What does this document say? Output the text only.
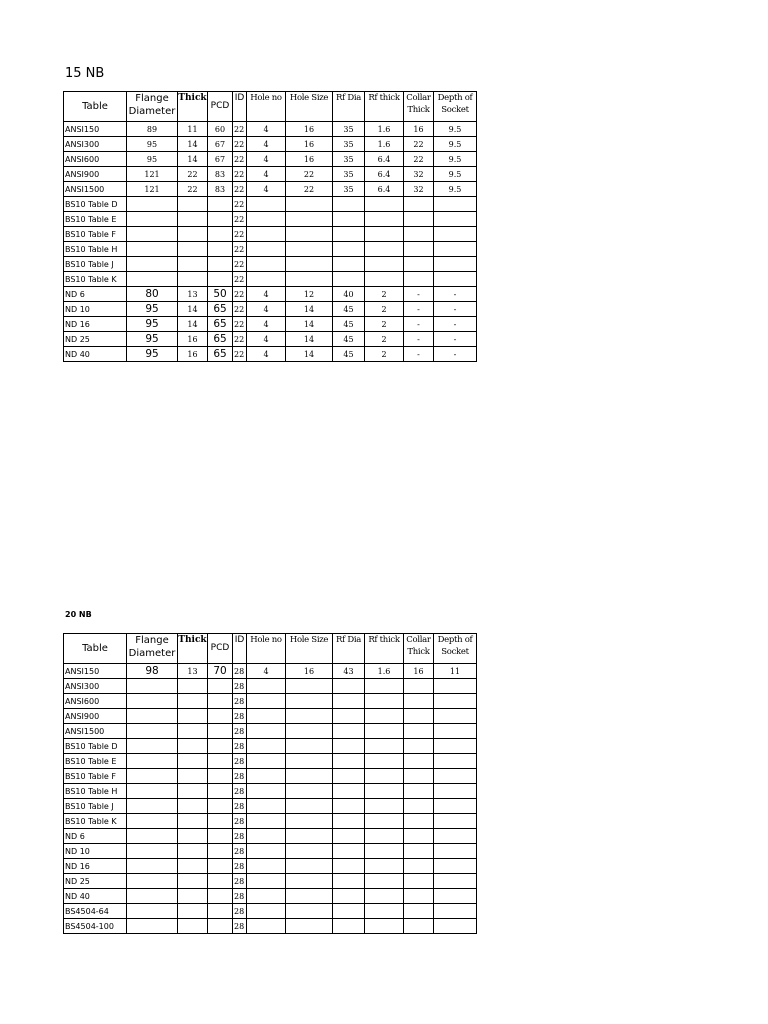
15 NB
Table	Flange Diameter	Thick	PCD	ID	Hole no	Hole Size	Rf Dia	Rf thick	Collar Thick	Depth of Socket
ANSI150	89	11	60	22	4	16	35	1.6	16	9.5
ANSI300	95	14	67	22	4	16	35	1.6	22	9.5
ANSI600	95	14	67	22	4	16	35	6.4	22	9.5
ANSI900	121	22	83	22	4	22	35	6.4	32	9.5
ANSI1500	121	22	83	22	4	22	35	6.4	32	9.5
BS10 Table D				22						
BS10 Table E				22						
BS10 Table F				22						
BS10 Table H				22						
BS10 Table J				22						
BS10 Table K				22						
ND 6	80	13	50	22	4	12	40	2	-	-
ND 10	95	14	65	22	4	14	45	2	-	-
ND 16	95	14	65	22	4	14	45	2	-	-
ND 25	95	16	65	22	4	14	45	2	-	-
ND 40	95	16	65	22	4	14	45	2	-	-
20 NB
Table	Flange Diameter	Thick	PCD	ID	Hole no	Hole Size	Rf Dia	Rf thick	Collar Thick	Depth of Socket
ANSI150	98	13	70	28	4	16	43	1.6	16	11
ANSI300				28						
ANSI600				28						
ANSI900				28						
ANSI1500				28						
BS10 Table D				28						
BS10 Table E				28						
BS10 Table F				28						
BS10 Table H				28						
BS10 Table J				28						
BS10 Table K				28						
ND 6				28						
ND 10				28						
ND 16				28						
ND 25				28						
ND 40				28						
BS4504-64				28						
BS4504-100				28						
